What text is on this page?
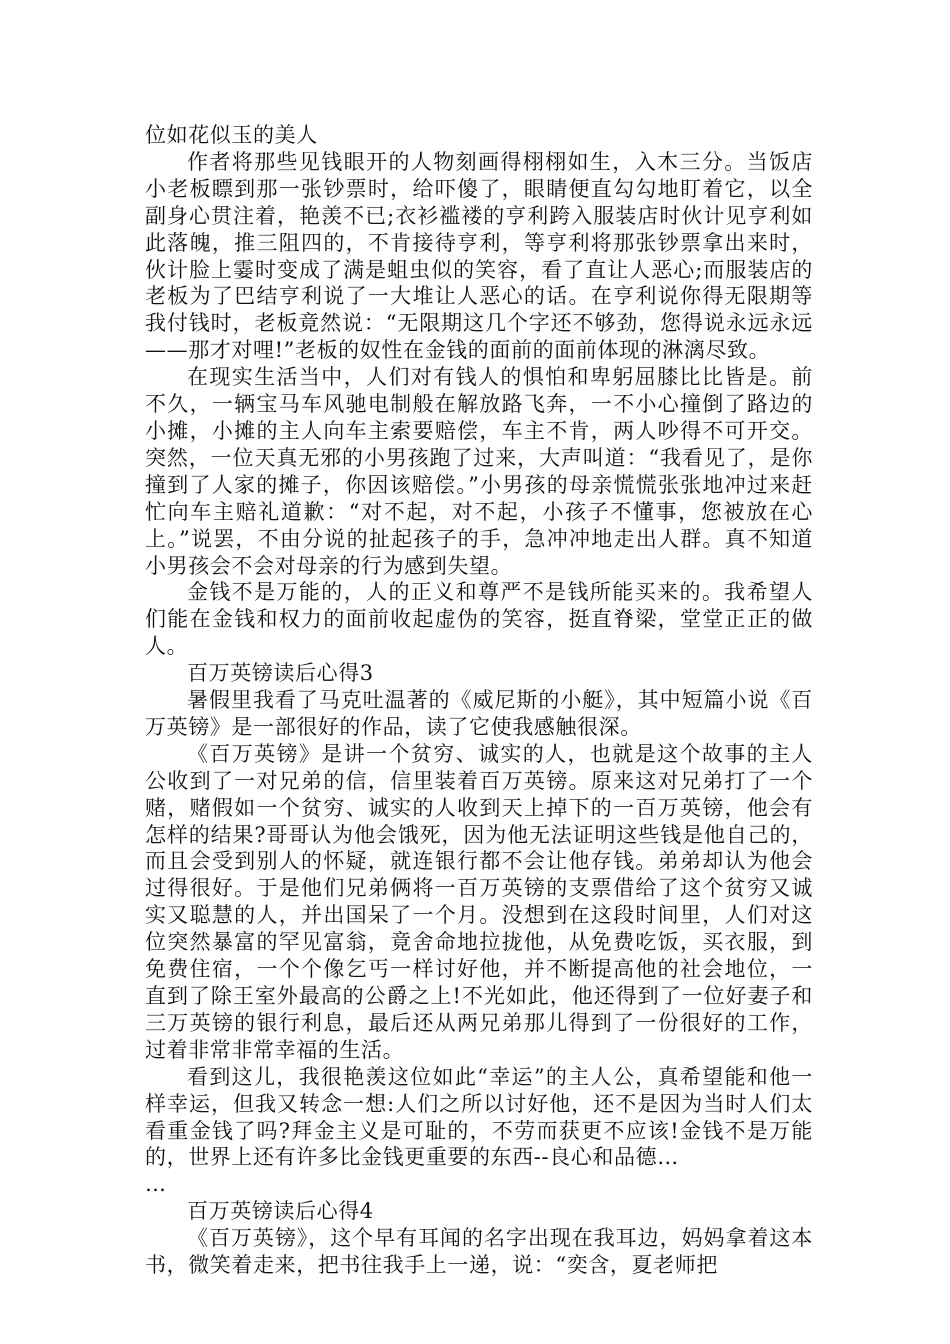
位如花似玉的美人

作者将那些见钱眼开的人物刻画得栩栩如生，入木三分。当饭店小老板瞟到那一张钞票时，给吓傻了，眼睛便直勾勾地盯着它，以全副身心贯注着，艳羡不已;衣衫褴褛的亨利跨入服装店时伙计见亨利如此落魄，推三阻四的，不肯接待亨利，等亨利将那张钞票拿出来时，伙计脸上霎时变成了满是蛆虫似的笑容，看了直让人恶心;而服装店的老板为了巴结亨利说了一大堆让人恶心的话。在亨利说你得无限期等我付钱时，老板竟然说：“无限期这几个字还不够劲，您得说永远永远——那才对哩!”老板的奴性在金钱的面前的面前体现的淋漓尽致。

在现实生活当中，人们对有钱人的惧怕和卑躬屈膝比比皆是。前不久，一辆宝马车风驰电制般在解放路飞奔，一不小心撞倒了路边的小摊，小摊的主人向车主索要赔偿，车主不肯，两人吵得不可开交。突然，一位天真无邪的小男孩跑了过来，大声叫道：“我看见了，是你撞到了人家的摊子，你因该赔偿。”小男孩的母亲慌慌张张地冲过来赶忙向车主赔礼道歉：“对不起，对不起，小孩子不懂事，您被放在心上。”说罢，不由分说的扯起孩子的手，急冲冲地走出人群。真不知道小男孩会不会对母亲的行为感到失望。

金钱不是万能的，人的正义和尊严不是钱所能买来的。我希望人们能在金钱和权力的面前收起虚伪的笑容，挺直脊梁，堂堂正正的做人。

百万英镑读后心得3

暑假里我看了马克吐温著的《威尼斯的小艇》，其中短篇小说《百万英镑》是一部很好的作品，读了它使我感触很深。

《百万英镑》是讲一个贫穷、诚实的人，也就是这个故事的主人公收到了一对兄弟的信，信里装着百万英镑。原来这对兄弟打了一个赌，赌假如一个贫穷、诚实的人收到天上掉下的一百万英镑，他会有怎样的结果?哥哥认为他会饿死，因为他无法证明这些钱是他自己的，而且会受到别人的怀疑，就连银行都不会让他存钱。弟弟却认为他会过得很好。于是他们兄弟俩将一百万英镑的支票借给了这个贫穷又诚实又聪慧的人，并出国呆了一个月。没想到在这段时间里，人们对这位突然暴富的罕见富翁，竟舍命地拉拢他，从免费吃饭，买衣服，到免费住宿，一个个像乞丐一样讨好他，并不断提高他的社会地位，一直到了除王室外最高的公爵之上!不光如此，他还得到了一位好妻子和三万英镑的银行利息，最后还从两兄弟那儿得到了一份很好的工作，过着非常非常幸福的生活。

看到这儿，我很艳羡这位如此“幸运”的主人公，真希望能和他一样幸运，但我又转念一想:人们之所以讨好他，还不是因为当时人们太看重金钱了吗?拜金主义是可耻的，不劳而获更不应该!金钱不是万能的，世界上还有许多比金钱更重要的东西--良心和品德…

…

百万英镑读后心得4

《百万英镑》，这个早有耳闻的名字出现在我耳边，妈妈拿着这本书，微笑着走来，把书往我手上一递，说：“奕含，夏老师把
